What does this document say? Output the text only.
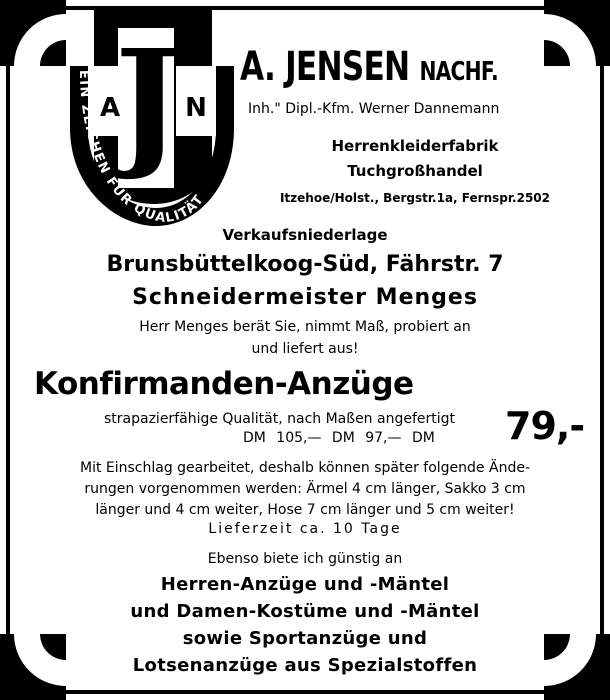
J
A	N
EIN ZEICHEN FÜR QUALITÄT
A. JENSEN NACHF.
Inh." Dipl.-Kfm. Werner Dannemann
Herrenkleiderfabrik
Tuchgroßhandel
Itzehoe/Holst., Bergstr.1a, Fernspr.2502
Verkaufsniederlage
Brunsbüttelkoog-Süd, Fährstr. 7
Schneidermeister Menges
Herr Menges berät Sie, nimmt Maß, probiert an
und liefert aus!
Konfirmanden-Anzüge
strapazierfähige Qualität, nach Maßen angefertigt
DM 105,— DM 97,— DM 79,-
Mit Einschlag gearbeitet, deshalb können später folgende Ände-
rungen vorgenommen werden: Ärmel 4 cm länger, Sakko 3 cm
länger und 4 cm weiter, Hose 7 cm länger und 5 cm weiter!
Lieferzeit ca. 10 Tage
Ebenso biete ich günstig an
Herren-Anzüge und -Mäntel
und Damen-Kostüme und -Mäntel
sowie Sportanzüge und
Lotsenanzüge aus Spezialstoffen
